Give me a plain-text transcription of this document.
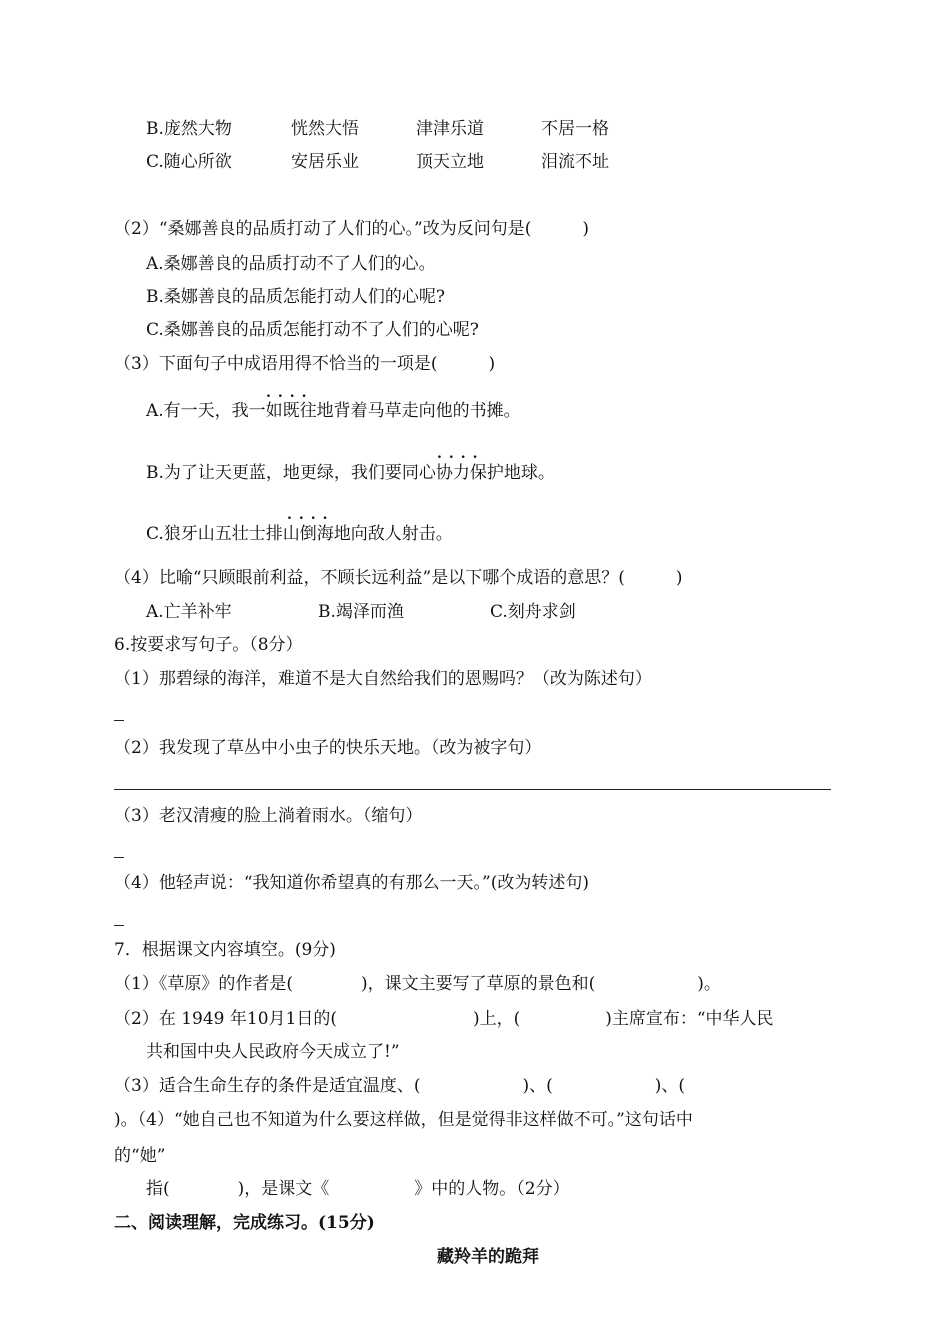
B.庞然大物	恍然大悟	津津乐道	不居一格
C.随心所欲	安居乐业	顶天立地	泪流不址
（2）“桑娜善良的品质打动了人们的心。”改为反问句是(　　　)
A.桑娜善良的品质打动不了人们的心。
B.桑娜善良的品质怎能打动人们的心呢?
C.桑娜善良的品质怎能打动不了人们的心呢?
（3）下面句子中成语用得不恰当的一项是(　　　)
....
A.有一天，我一如既往地背着马草走向他的书摊。
....
B.为了让天更蓝，地更绿，我们要同心协力保护地球。
....
C.狼牙山五壮士排山倒海地向敌人射击。
（4）比喻“只顾眼前利益，不顾长远利益”是以下哪个成语的意思？(　　　)
A.亡羊补牢	B.竭泽而渔	C.刻舟求剑
6.按要求写句子。（8分）
（1）那碧绿的海洋，难道不是大自然给我们的恩赐吗？（改为陈述句）
（2）我发现了草丛中小虫子的快乐天地。（改为被字句）
（3）老汉清瘦的脸上淌着雨水。（缩句）
（4）他轻声说：“我知道你希望真的有那么一天。”(改为转述句)
7．根据课文内容填空。(9分)
（1）《草原》的作者是(　　　　)，课文主要写了草原的景色和(　　　　　　)。
（2）在 1949 年10月1日的(　　　　　　　　)上，(　　　　　)主席宣布：“中华人民
共和国中央人民政府今天成立了!”
（3）适合生命生存的条件是适宜温度、(　　　　　　)、(　　　　　　)、(
)。（4）“她自己也不知道为什么要这样做，但是觉得非这样做不可。”这句话中
的“她”
指(　　　　)，是课文《　　　　　》中的人物。（2分）
二、阅读理解，完成练习。(15分)
藏羚羊的跪拜
